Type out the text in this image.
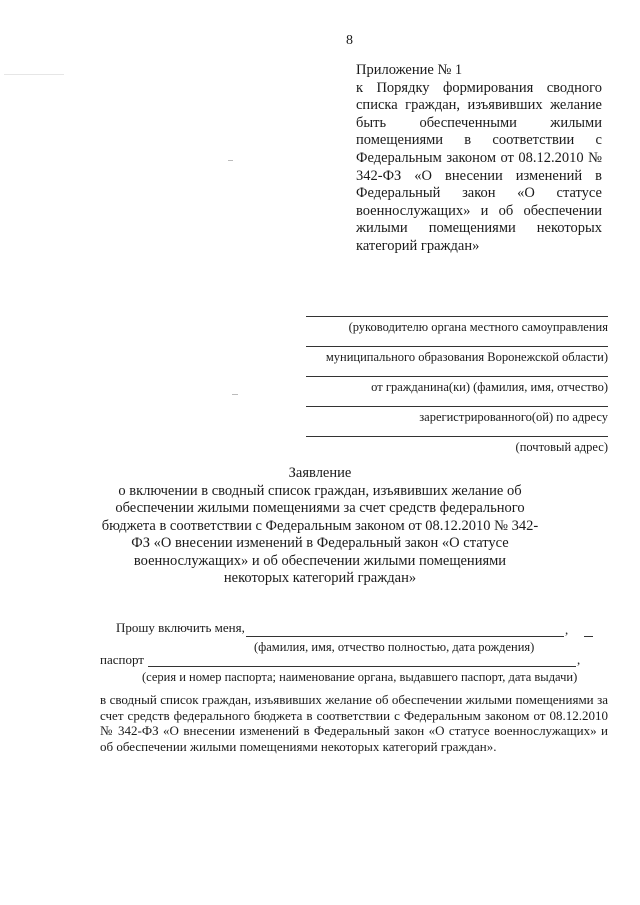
8
Приложение № 1
к Порядку формирования сводного списка граждан, изъявивших желание быть обеспеченными жилыми помещениями в соответствии с Федеральным законом от 08.12.2010 № 342-ФЗ «О внесении изменений в Федеральный закон «О статусе военнослужащих» и об обеспечении жилыми помещениями некоторых категорий граждан»
(руководителю органа местного самоуправления
муниципального образования Воронежской области)
от гражданина(ки) (фамилия, имя, отчество)
зарегистрированного(ой) по адресу
(почтовый адрес)
Заявление
о включении в сводный список граждан, изъявивших желание об обеспечении жилыми помещениями за счет средств федерального бюджета в соответствии с Федеральным законом от 08.12.2010 № 342-ФЗ «О внесении изменений в Федеральный закон «О статусе военнослужащих» и об обеспечении жилыми помещениями некоторых категорий граждан»
Прошу включить меня,	,
(фамилия, имя, отчество полностью, дата рождения)
паспорт	,
(серия и номер паспорта; наименование органа, выдавшего паспорт, дата выдачи)
в сводный список граждан, изъявивших желание об обеспечении жилыми помещениями за счет средств федерального бюджета в соответствии с Федеральным законом от 08.12.2010 № 342-ФЗ «О внесении изменений в Федеральный закон «О статусе военнослужащих» и об обеспечении жилыми помещениями некоторых категорий граждан».
